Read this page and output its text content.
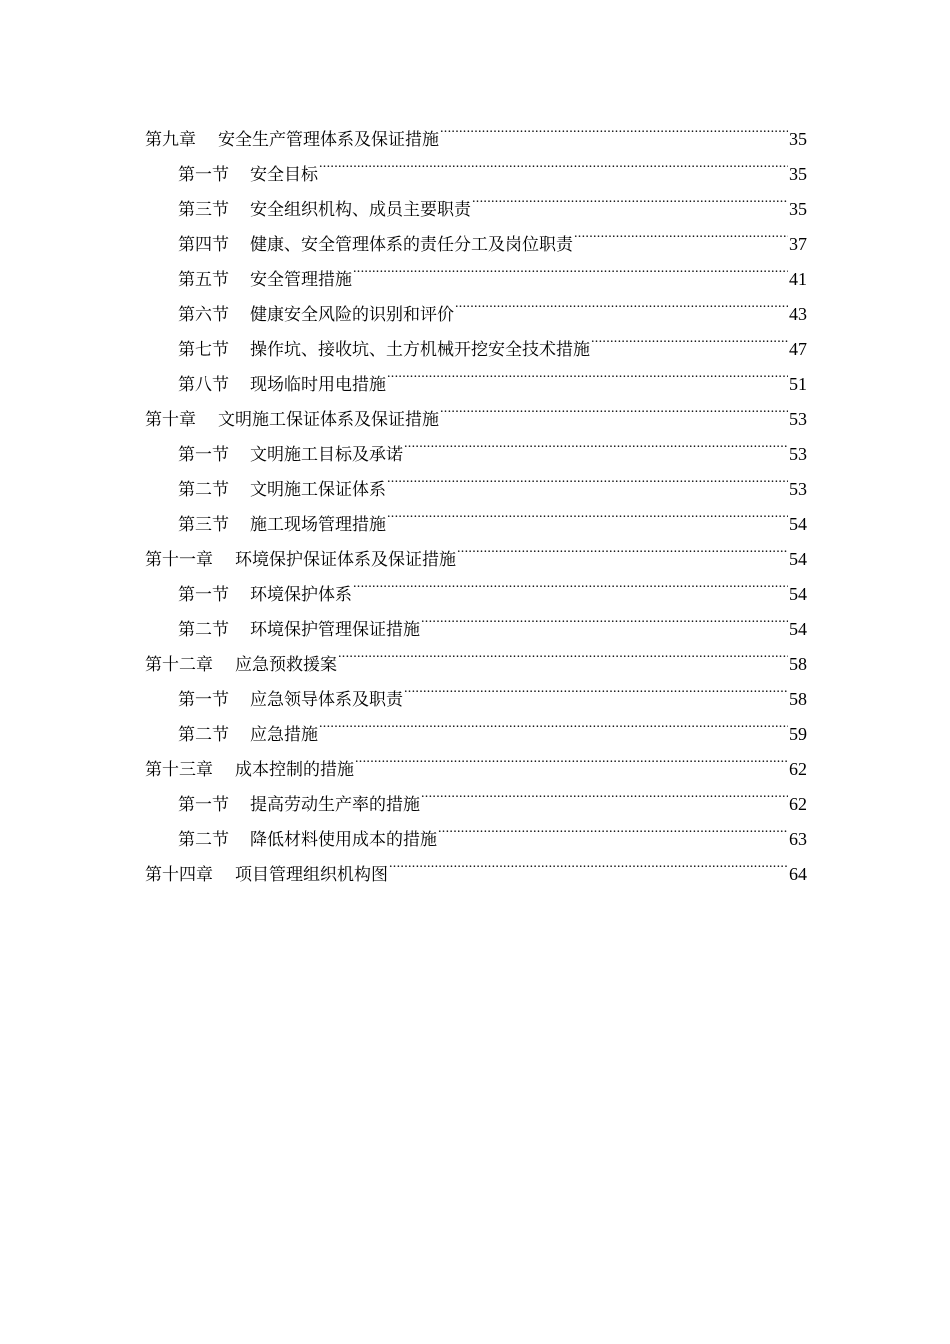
第九章 安全生产管理体系及保证措施 .....	35
第一节 安全目标 .....	35
第三节 安全组织机构、成员主要职责 .....	35
第四节 健康、安全管理体系的责任分工及岗位职责 .....	37
第五节 安全管理措施 .....	41
第六节 健康安全风险的识别和评价 .....	43
第七节 操作坑、接收坑、土方机械开挖安全技术措施 .....	47
第八节 现场临时用电措施 .....	51
第十章 文明施工保证体系及保证措施 .....	53
第一节 文明施工目标及承诺 .....	53
第二节 文明施工保证体系 .....	53
第三节 施工现场管理措施 .....	54
第十一章 环境保护保证体系及保证措施 .....	54
第一节 环境保护体系 .....	54
第二节 环境保护管理保证措施 .....	54
第十二章 应急预救援案 .....	58
第一节 应急领导体系及职责 .....	58
第二节 应急措施 .....	59
第十三章 成本控制的措施 .....	62
第一节 提高劳动生产率的措施 .....	62
第二节 降低材料使用成本的措施 .....	63
第十四章 项目管理组织机构图 .....	64
